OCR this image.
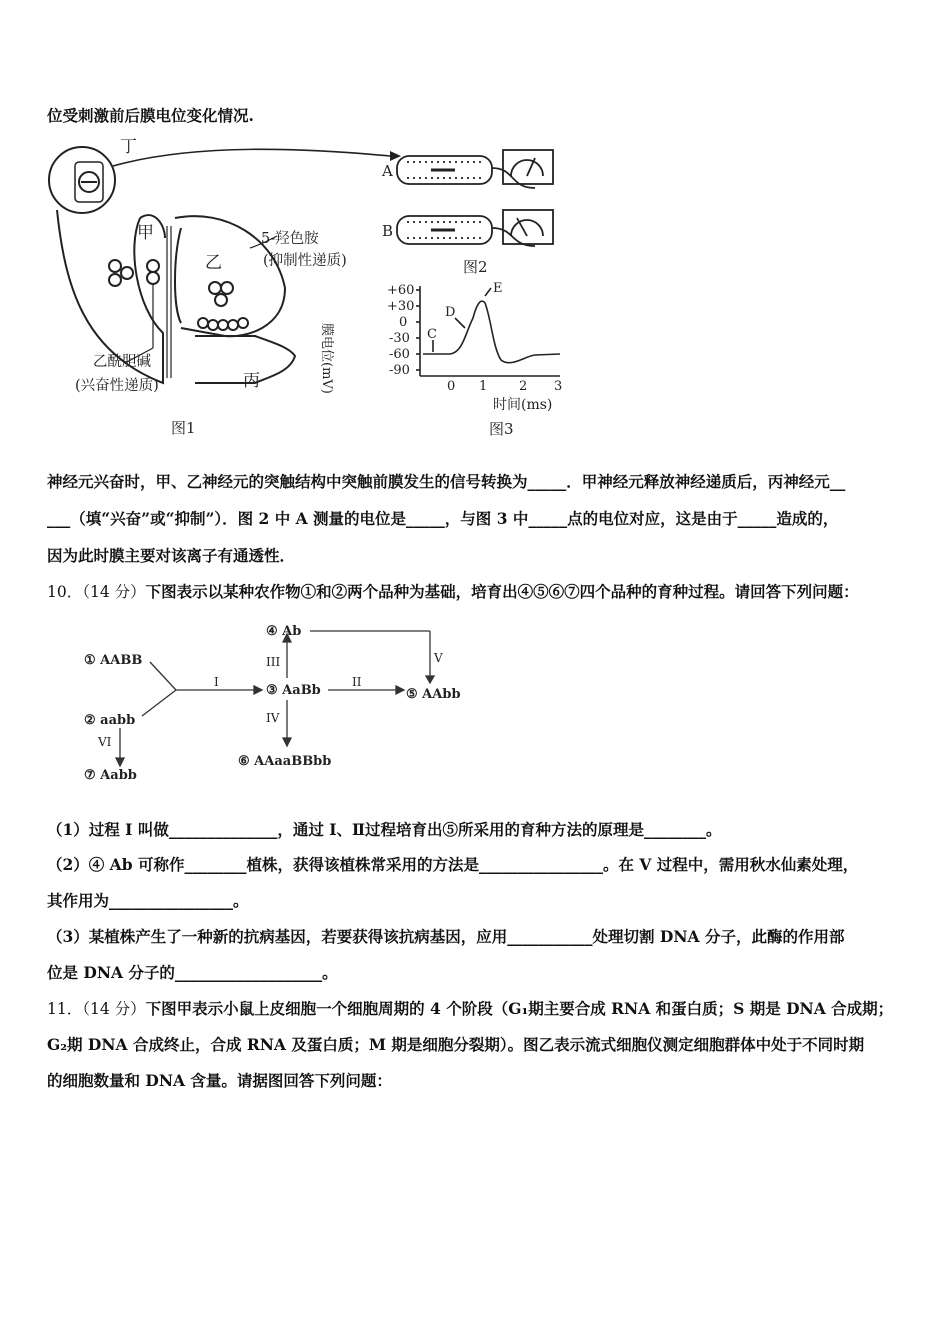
位受刺激前后膜电位变化情况.
丁
甲
乙
丙
5-羟色胺
(抑制性递质)
乙酰胆碱
(兴奋性递质)
图1
A
B
图2
膜电位(mV)
+60
+30
0
-30
-60
-90
0 1 2 3
时间(ms)
C
D
E
图3
神经元兴奋时，甲、乙神经元的突触结构中突触前膜发生的信号转换为_____．甲神经元释放神经递质后，丙神经元__
___（填“兴奋”或“抑制”）．图 2 中 A 测量的电位是_____，与图 3 中_____点的电位对应，这是由于_____造成的，
因为此时膜主要对该离子有通透性．
10．（14 分）下图表示以某种农作物①和②两个品种为基础，培育出④⑤⑥⑦四个品种的育种过程。请回答下列问题：
① AABB
② aabb
③ AaBb
④ Ab
⑤ AAbb
⑥ AAaaBBbb
⑦ Aabb
I	II
III
IV
V
VI
（1）过程 I 叫做______________，通过 I、Ⅱ过程培育出⑤所采用的育种方法的原理是________。
（2）④ Ab 可称作________植株，获得该植株常采用的方法是________________。在 V 过程中，需用秋水仙素处理，
其作用为________________。
（3）某植株产生了一种新的抗病基因，若要获得该抗病基因，应用___________处理切割 DNA 分子，此酶的作用部
位是 DNA 分子的___________________。
11．（14 分）下图甲表示小鼠上皮细胞一个细胞周期的 4 个阶段（G₁期主要合成 RNA 和蛋白质；S 期是 DNA 合成期；
G₂期 DNA 合成终止，合成 RNA 及蛋白质；M 期是细胞分裂期）。图乙表示流式细胞仪测定细胞群体中处于不同时期
的细胞数量和 DNA 含量。请据图回答下列问题：
